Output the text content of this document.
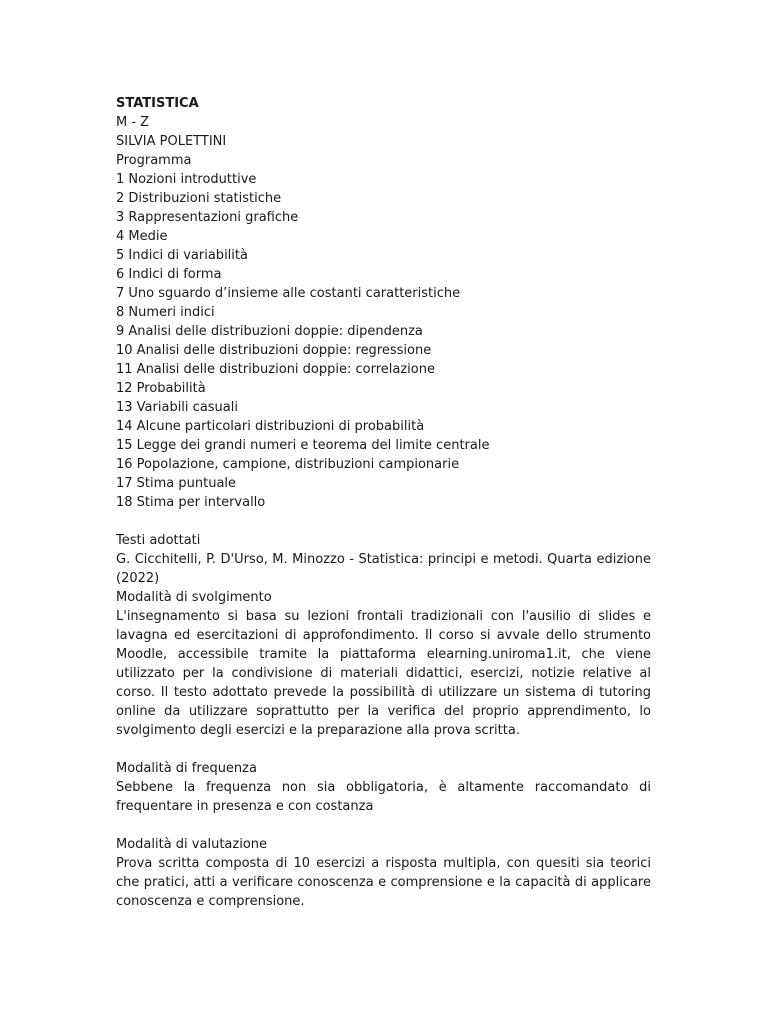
STATISTICA
M - Z
SILVIA POLETTINI
Programma
1 Nozioni introduttive
2 Distribuzioni statistiche
3 Rappresentazioni grafiche
4 Medie
5 Indici di variabilità
6 Indici di forma
7 Uno sguardo d’insieme alle costanti caratteristiche
8 Numeri indici
9 Analisi delle distribuzioni doppie: dipendenza
10 Analisi delle distribuzioni doppie: regressione
11 Analisi delle distribuzioni doppie: correlazione
12 Probabilità
13 Variabili casuali
14 Alcune particolari distribuzioni di probabilità
15 Legge dei grandi numeri e teorema del limite centrale
16 Popolazione, campione, distribuzioni campionarie
17 Stima puntuale
18 Stima per intervallo
Testi adottati
G. Cicchitelli, P. D'Urso, M. Minozzo - Statistica: principi e metodi. Quarta edizione (2022)
Modalità di svolgimento
L'insegnamento si basa su lezioni frontali tradizionali con l'ausilio di slides e lavagna ed esercitazioni di approfondimento. Il corso si avvale dello strumento Moodle, accessibile tramite la piattaforma elearning.uniroma1.it, che viene utilizzato per la condivisione di materiali didattici, esercizi, notizie relative al corso. Il testo adottato prevede la possibilità di utilizzare un sistema di tutoring online da utilizzare soprattutto per la verifica del proprio apprendimento, lo svolgimento degli esercizi e la preparazione alla prova scritta.
Modalità di frequenza
Sebbene la frequenza non sia obbligatoria, è altamente raccomandato di frequentare in presenza e con costanza
Modalità di valutazione
Prova scritta composta di 10 esercizi a risposta multipla, con quesiti sia teorici che pratici, atti a verificare conoscenza e comprensione e la capacità di applicare conoscenza e comprensione.
